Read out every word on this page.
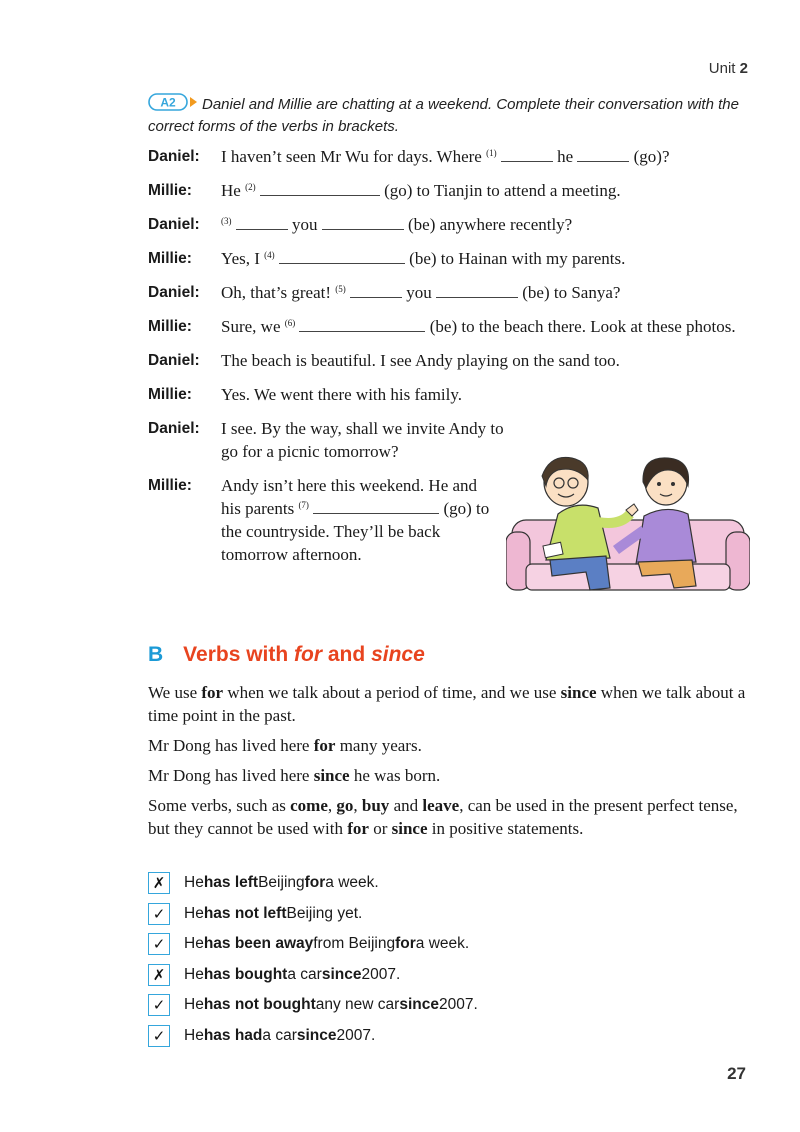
Unit 2
A2 Daniel and Millie are chatting at a weekend. Complete their conversation with the correct forms of the verbs in brackets.
Daniel:	I haven’t seen Mr Wu for days. Where $^{(1)}$	he	(go)?
Millie:	He $^{(2)}$	(go) to Tianjin to attend a meeting.
Daniel:	$^{(3)}$	you	(be) anywhere recently?
Millie:	Yes, I $^{(4)}$	(be) to Hainan with my parents.
Daniel:	Oh, that’s great! $^{(5)}$	you	(be) to Sanya?
Millie:	Sure, we $^{(6)}$	(be) to the beach there. Look at these photos.
Daniel:	The beach is beautiful. I see Andy playing on the sand too.
Millie:	Yes. We went there with his family.
Daniel:	I see. By the way, shall we invite Andy to go for a picnic tomorrow?
Millie:	Andy isn’t here this weekend. He and his parents $^{(7)}$	(go) to the countryside. They’ll be back tomorrow afternoon.
B Verbs with for and since

We use for when we talk about a period of time, and we use since when we talk about a time point in the past.

Mr Dong has lived here for many years.

Mr Dong has lived here since he was born.

Some verbs, such as come, go, buy and leave, can be used in the present perfect tense, but they cannot be used with for or since in positive statements.

✗	He has left Beijing for a week.
✓	He has not left Beijing yet.
✓	He has been away from Beijing for a week.
✗	He has bought a car since 2007.
✓	He has not bought any new car since 2007.
✓	He has had a car since 2007.
27
